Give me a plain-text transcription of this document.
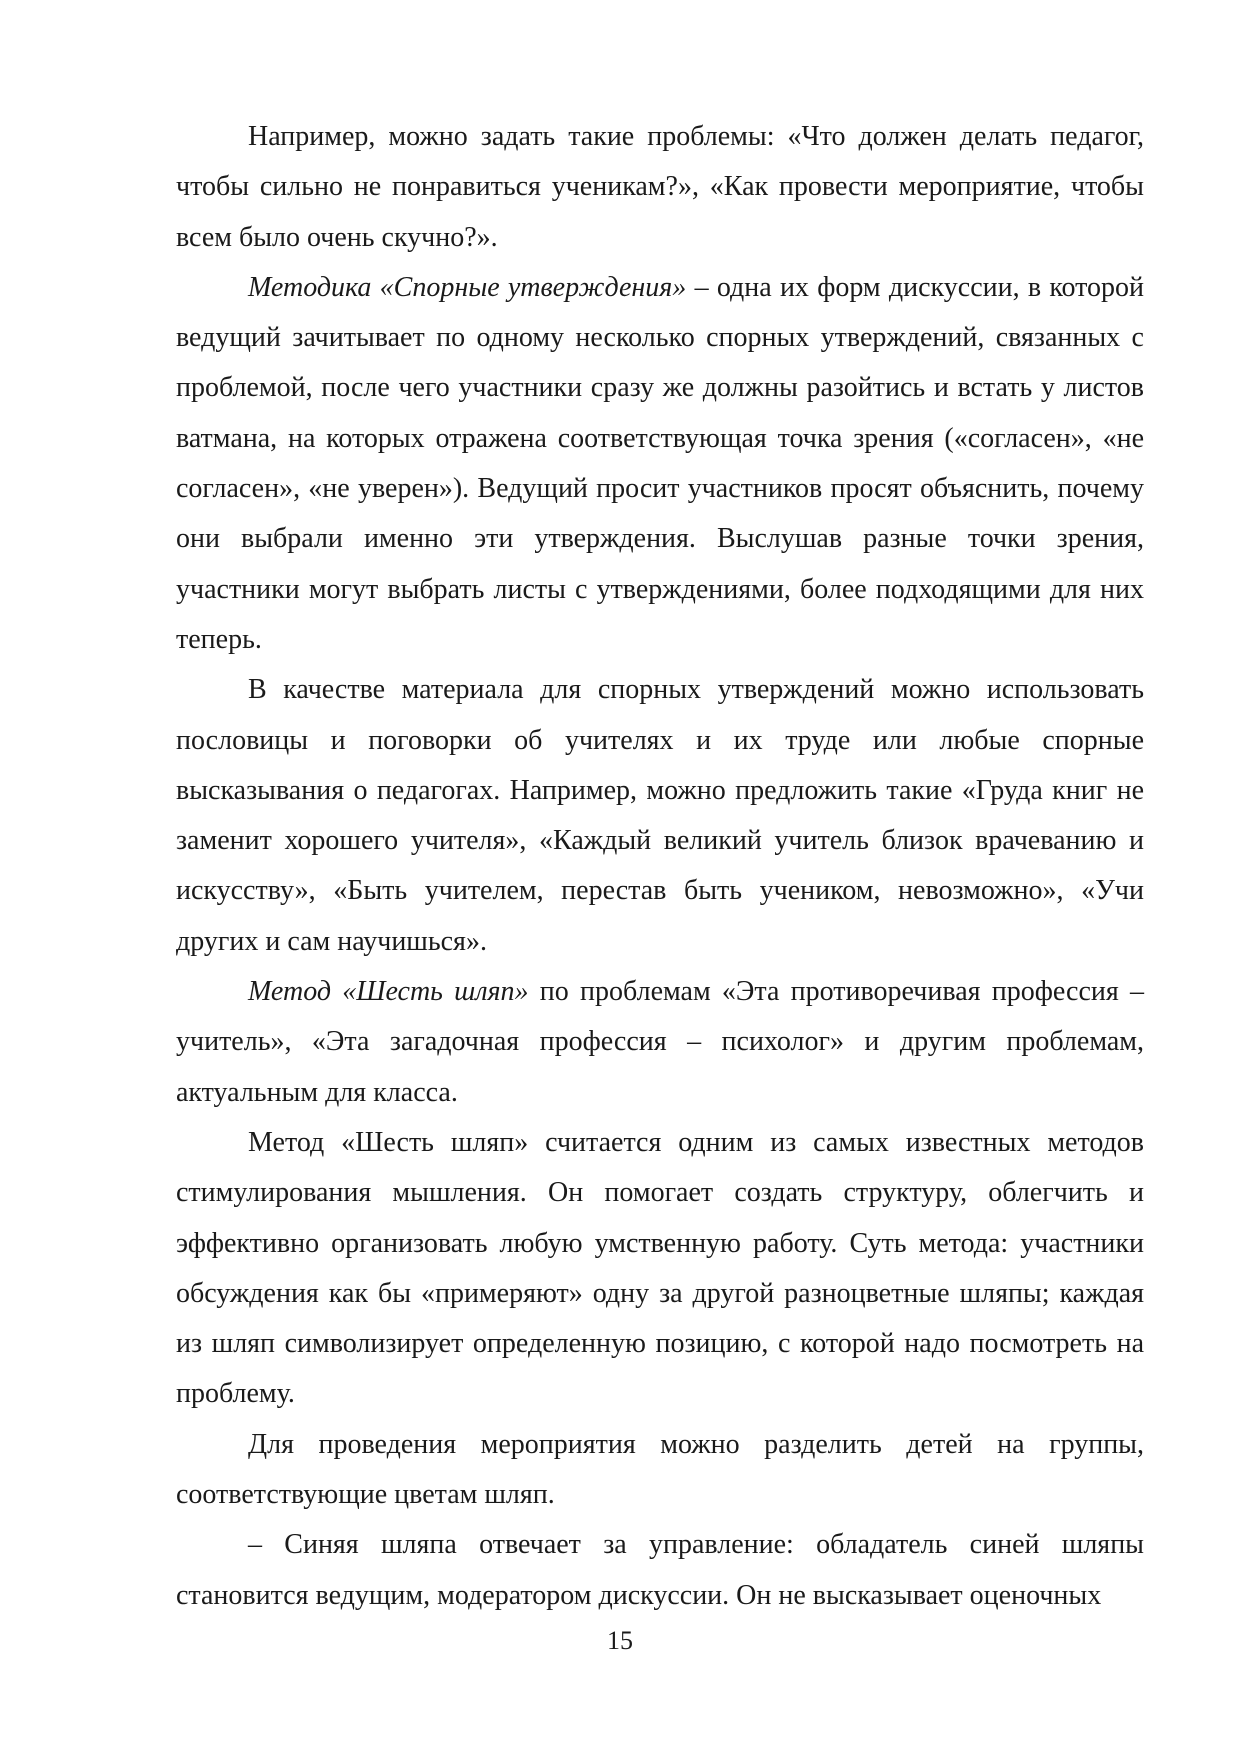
Например, можно задать такие проблемы: «Что должен делать педагог, чтобы сильно не понравиться ученикам?», «Как провести мероприятие, чтобы всем было очень скучно?».

Методика «Спорные утверждения» – одна их форм дискуссии, в которой ведущий зачитывает по одному несколько спорных утверждений, связанных с проблемой, после чего участники сразу же должны разойтись и встать у листов ватмана, на которых отражена соответствующая точка зрения («согласен», «не согласен», «не уверен»). Ведущий просит участников просят объяснить, почему они выбрали именно эти утверждения. Выслушав разные точки зрения, участники могут выбрать листы с утверждениями, более подходящими для них теперь.

В качестве материала для спорных утверждений можно использовать пословицы и поговорки об учителях и их труде или любые спорные высказывания о педагогах. Например, можно предложить такие «Груда книг не заменит хорошего учителя», «Каждый великий учитель близок врачеванию и искусству», «Быть учителем, перестав быть учеником, невозможно», «Учи других и сам научишься».

Метод «Шесть шляп» по проблемам «Эта противоречивая профессия – учитель», «Эта загадочная профессия – психолог» и другим проблемам, актуальным для класса.

Метод «Шесть шляп» считается одним из самых известных методов стимулирования мышления. Он помогает создать структуру, облегчить и эффективно организовать любую умственную работу. Суть метода: участники обсуждения как бы «примеряют» одну за другой разноцветные шляпы; каждая из шляп символизирует определенную позицию, с которой надо посмотреть на проблему.

Для проведения мероприятия можно разделить детей на группы, соответствующие цветам шляп.

– Синяя шляпа отвечает за управление: обладатель синей шляпы становится ведущим, модератором дискуссии. Он не высказывает оценочных

15
